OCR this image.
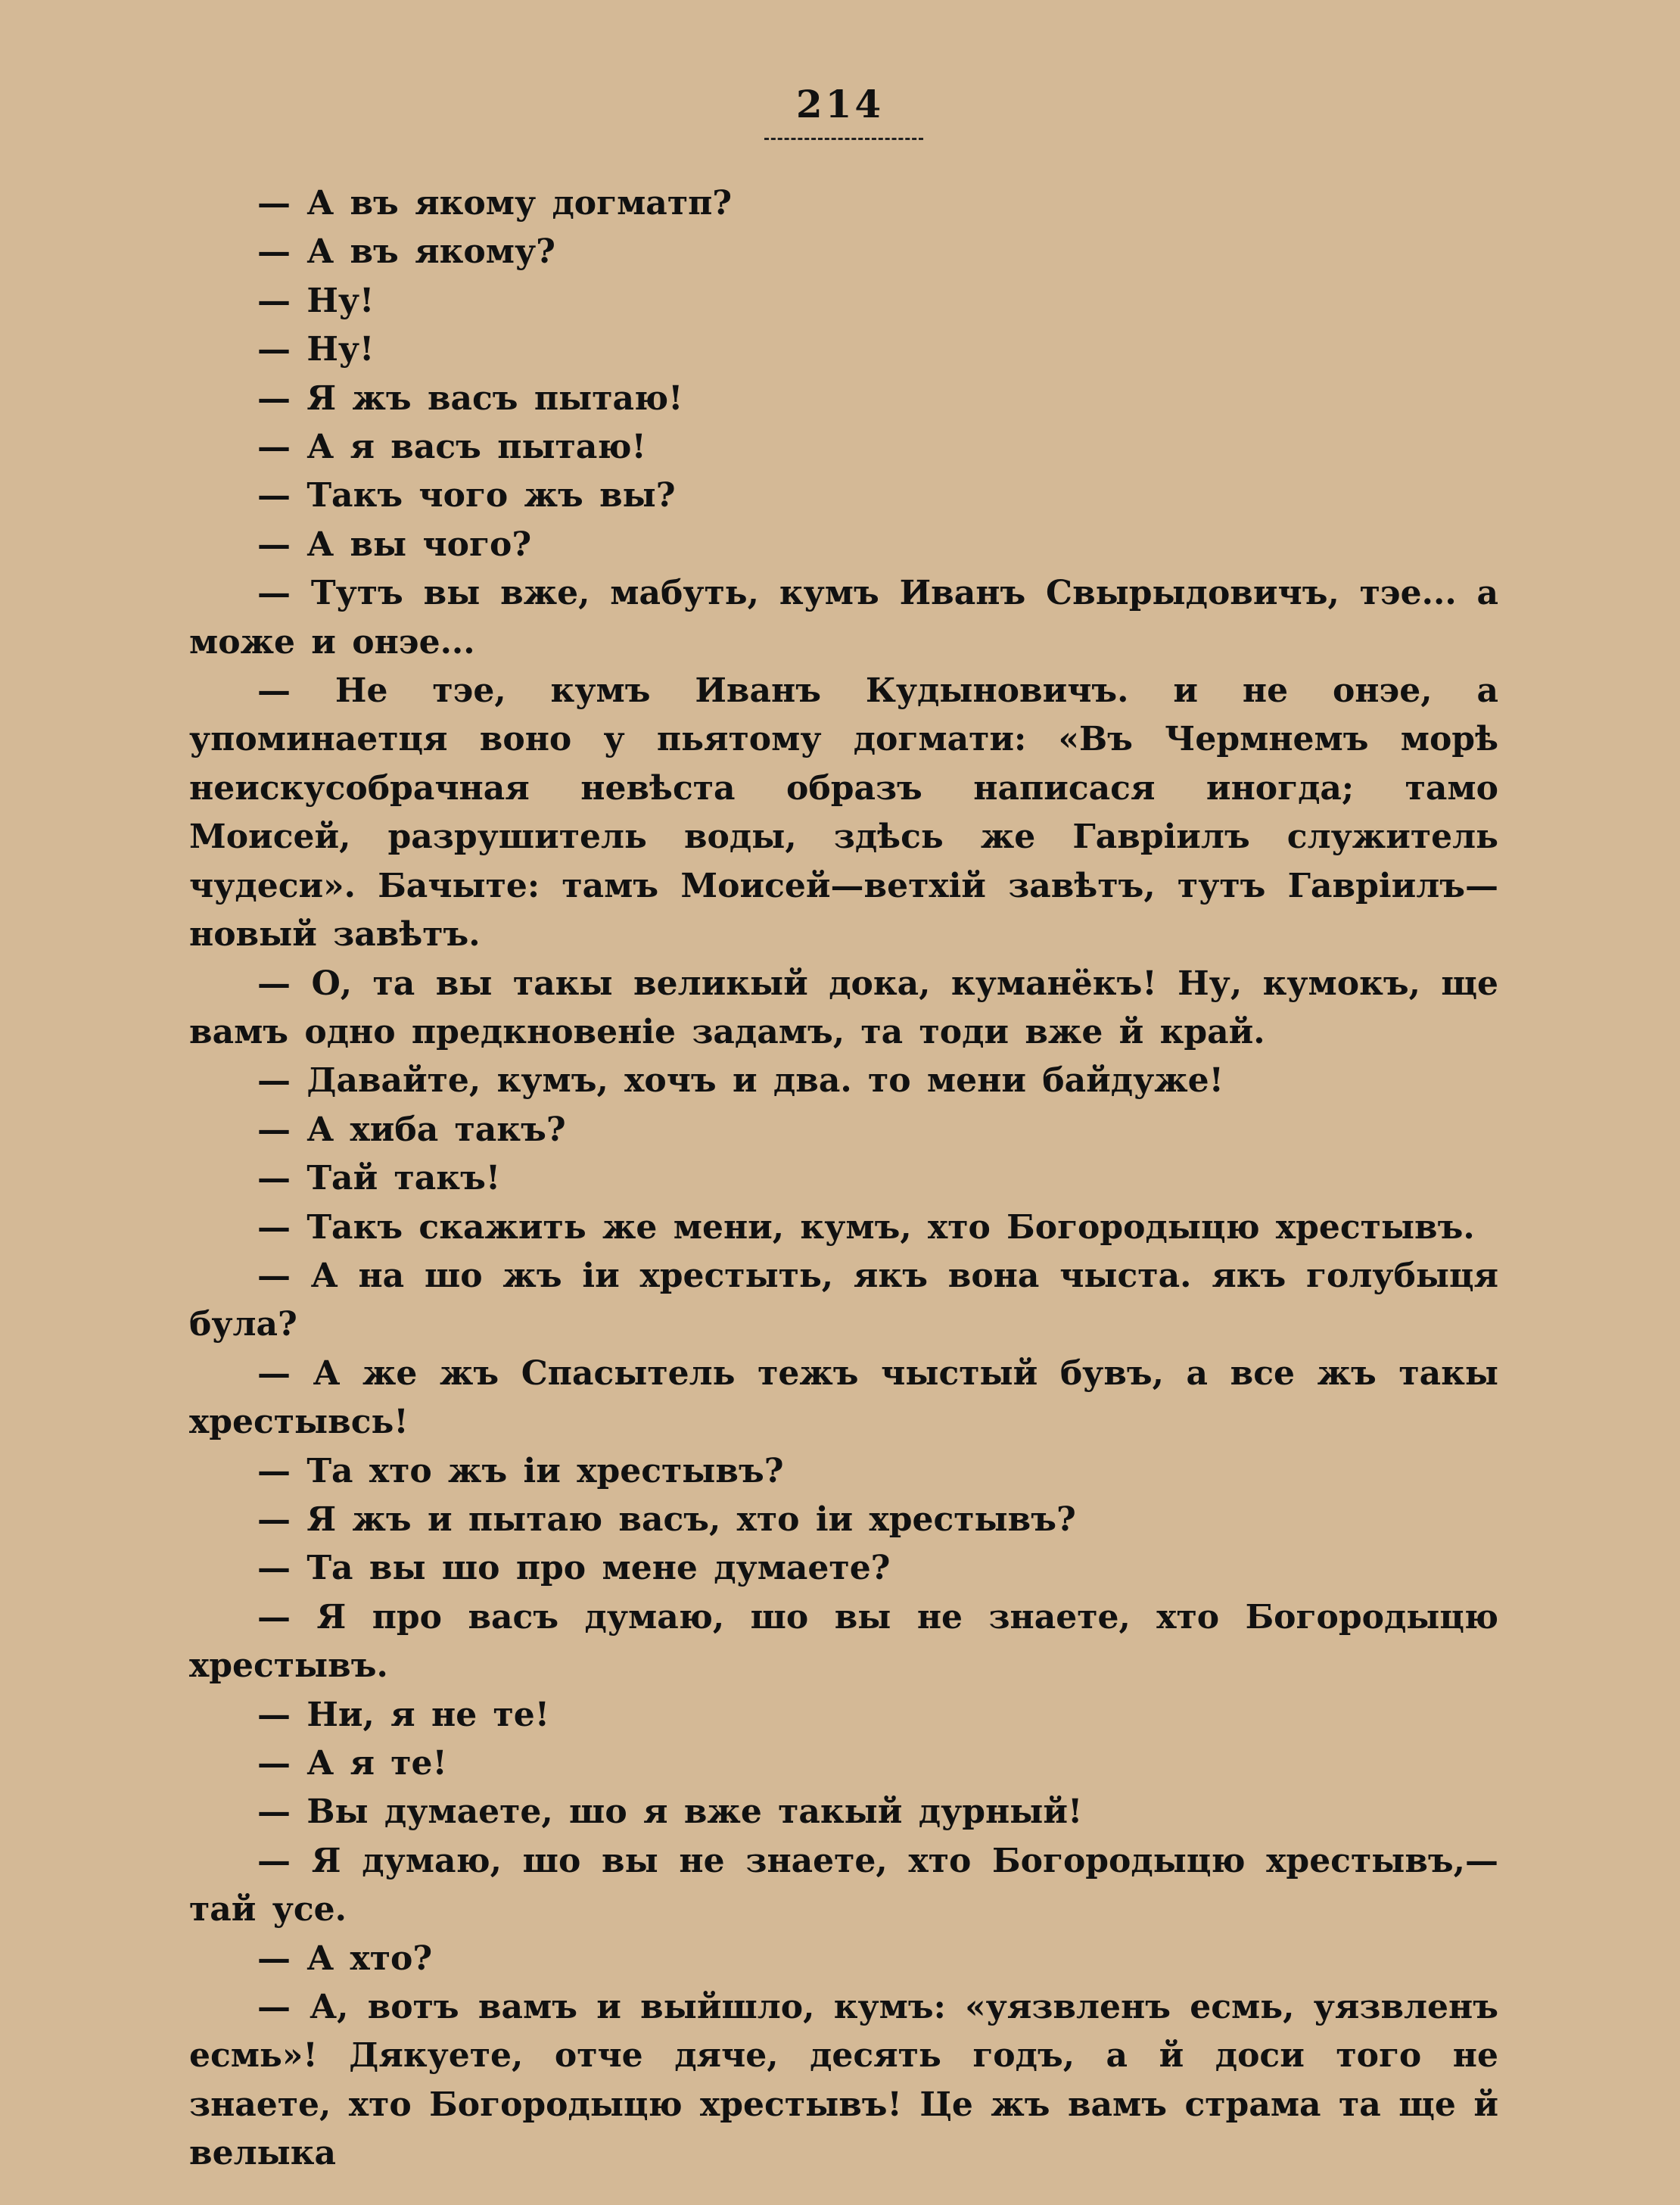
214

— А въ якому догматп?

— А въ якому?

— Ну!

— Ну!

— Я жъ васъ пытаю!

— А я васъ пытаю!

— Такъ чого жъ вы?

— А вы чого?

— Тутъ вы вже, мабуть, кумъ Иванъ Свырыдовичъ, тэе... а може и онэе...

— Не тэе, кумъ Иванъ Кудыновичъ. и не онэе, а упоминаетця воно у пьятому догмати: «Въ Чермнемъ морѣ неискусобрачная невѣста образъ написася иногда; тамо Моисей, разрушитель воды, здѣсь же Гавріилъ служитель чудеси». Бачыте: тамъ Моисей—ветхій завѣтъ, тутъ Гавріилъ—новый завѣтъ.

— О, та вы такы великый дока, куманёкъ! Ну, кумокъ, ще вамъ одно предкновеніе задамъ, та тоди вже й край.

— Давайте, кумъ, хочъ и два. то мени байдуже!

— А хиба такъ?

— Тай такъ!

— Такъ скажить же мени, кумъ, хто Богородыцю хрестывъ.

— А на шо жъ іи хрестыть, якъ вона чыста. якъ голубыця була?

— А же жъ Спасытель тежъ чыстый бувъ, а все жъ такы хрестывсь!

— Та хто жъ іи хрестывъ?

— Я жъ и пытаю васъ, хто іи хрестывъ?

— Та вы шо про мене думаете?

— Я про васъ думаю, шо вы не знаете, хто Богородыцю хрестывъ.

— Ни, я не те!

— А я те!

— Вы думаете, шо я вже такый дурный!

— Я думаю, шо вы не знаете, хто Богородыцю хрестывъ,— тай усе.

— А хто?

— А, вотъ вамъ и выйшло, кумъ: «уязвленъ есмь, уязвленъ есмь»! Дякуете, отче дяче, десять годъ, а й доси того не знаете, хто Богородыцю хрестывъ! Це жъ вамъ страма та ще й велыка
